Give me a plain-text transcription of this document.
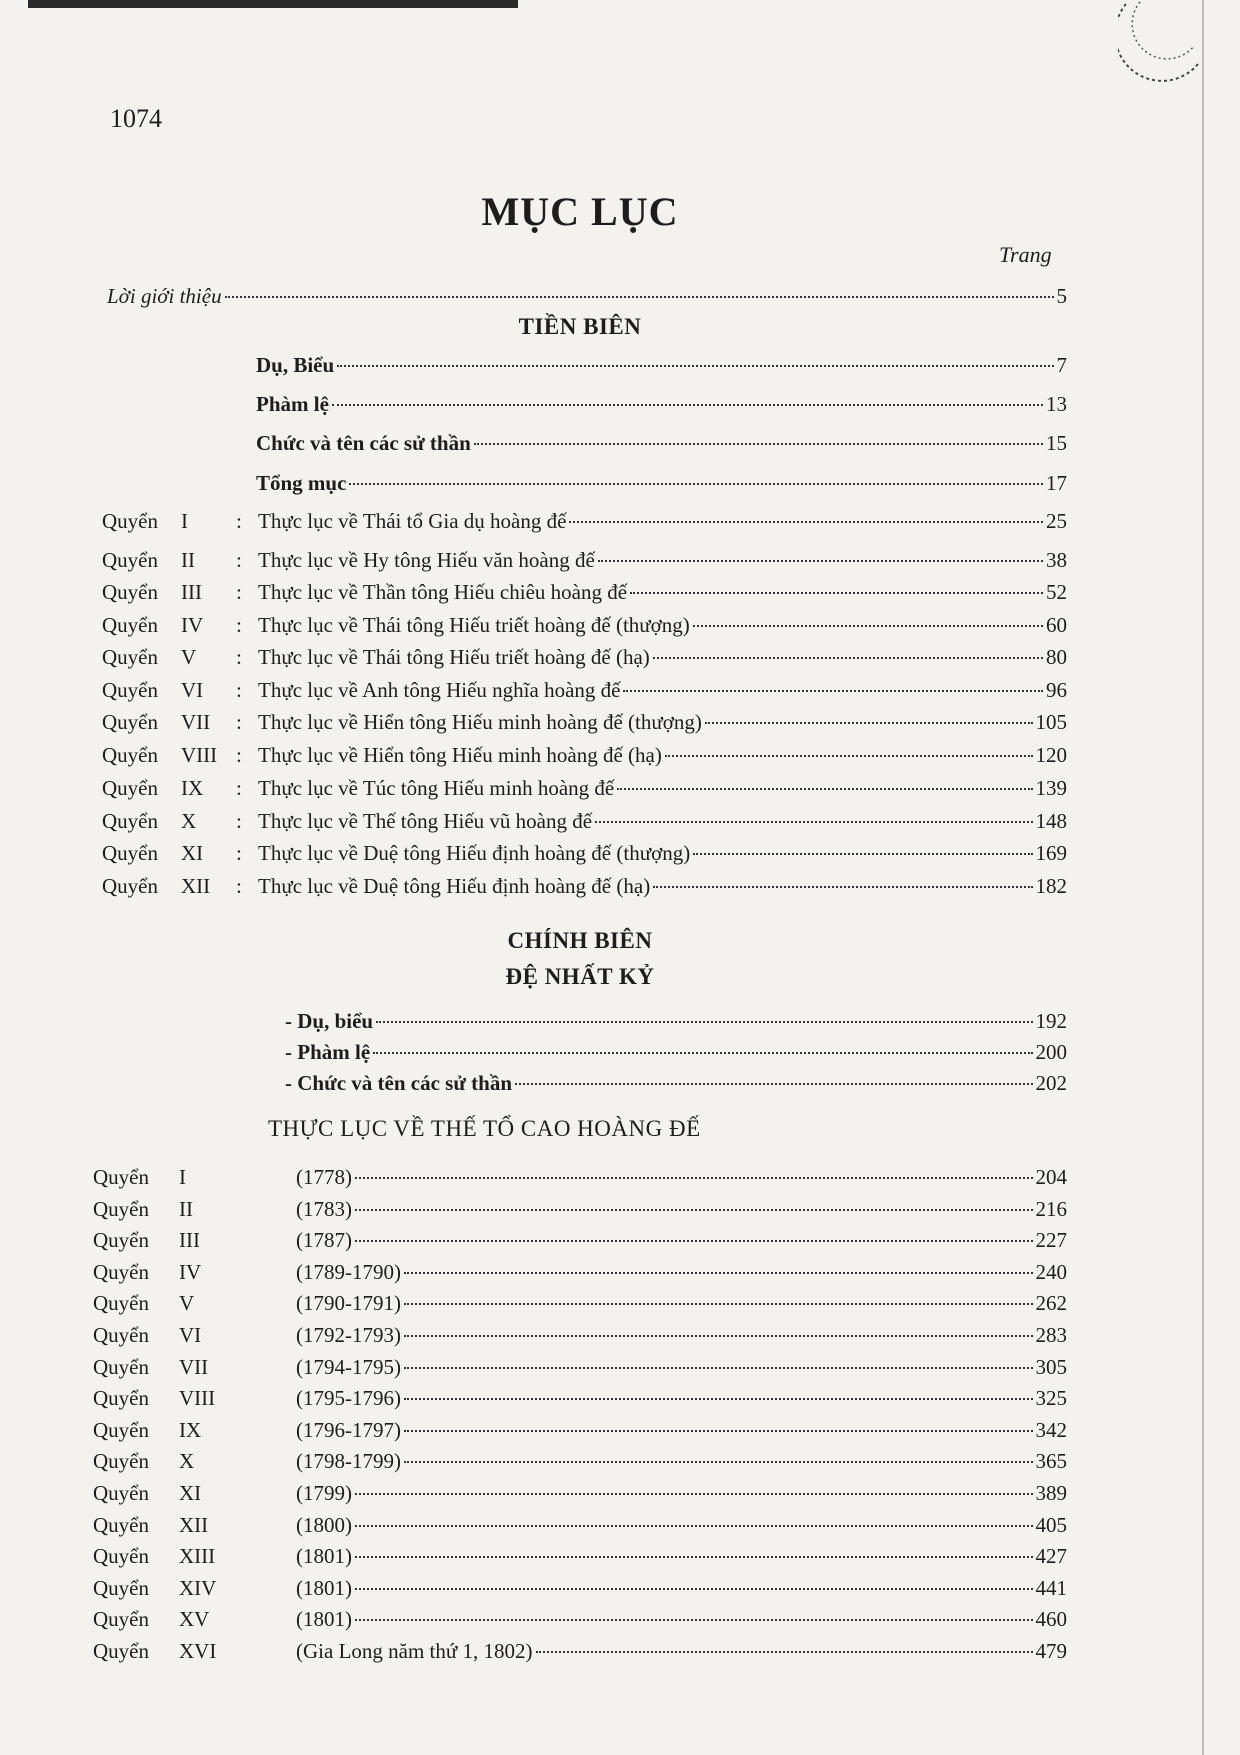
1074
MỤC LỤC
Trang
Lời giới thiệu	5
TIỀN BIÊN
Dụ, Biểu	7
Phàm lệ	13
Chức và tên các sử thần	15
Tổng mục	17
Quyển I : Thực lục về Thái tổ Gia dụ hoàng đế	25
Quyển II : Thực lục về Hy tông Hiếu văn hoàng đế	38
Quyển III : Thực lục về Thần tông Hiếu chiêu hoàng đế	52
Quyển IV : Thực lục về Thái tông Hiếu triết hoàng đế (thượng)	60
Quyển V : Thực lục về Thái tông Hiếu triết hoàng đế (hạ)	80
Quyển VI : Thực lục về Anh tông Hiếu nghĩa hoàng đế	96
Quyển VII : Thực lục về Hiển tông Hiếu minh hoàng đế (thượng)	105
Quyển VIII : Thực lục về Hiển tông Hiếu minh hoàng đế (hạ)	120
Quyển IX : Thực lục về Túc tông Hiếu minh hoàng đế	139
Quyển X : Thực lục về Thế tông Hiếu vũ hoàng đế	148
Quyển XI : Thực lục về Duệ tông Hiếu định hoàng đế (thượng)	169
Quyển XII : Thực lục về Duệ tông Hiếu định hoàng đế (hạ)	182
CHÍNH BIÊN
ĐỆ NHẤT KỶ
- Dụ, biểu	192
- Phàm lệ	200
- Chức và tên các sử thần	202
THỰC LỤC VỀ THẾ TỔ CAO HOÀNG ĐẾ
Quyển I	(1778)	204
Quyển II	(1783)	216
Quyển III	(1787)	227
Quyển IV	(1789-1790)	240
Quyển V	(1790-1791)	262
Quyển VI	(1792-1793)	283
Quyển VII	(1794-1795)	305
Quyển VIII	(1795-1796)	325
Quyển IX	(1796-1797)	342
Quyển X	(1798-1799)	365
Quyển XI	(1799)	389
Quyển XII	(1800)	405
Quyển XIII	(1801)	427
Quyển XIV	(1801)	441
Quyển XV	(1801)	460
Quyển XVI	(Gia Long năm thứ 1, 1802)	479
